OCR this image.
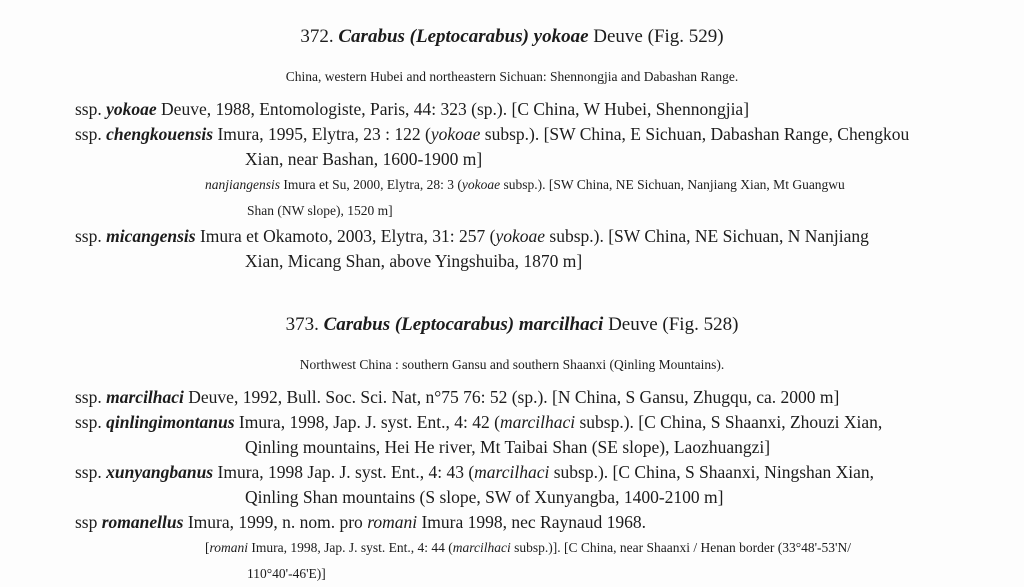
372. Carabus (Leptocarabus) yokoae Deuve (Fig. 529)

China, western Hubei and northeastern Sichuan: Shennongjia and Dabashan Range.

ssp. yokoae Deuve, 1988, Entomologiste, Paris, 44: 323 (sp.). [C China, W Hubei, Shennongjia]
ssp. chengkouensis Imura, 1995, Elytra, 23 : 122 (yokoae subsp.). [SW China, E Sichuan, Dabashan Range, Chengkou
Xian, near Bashan, 1600-1900 m]
nanjiangensis Imura et Su, 2000, Elytra, 28: 3 (yokoae subsp.). [SW China, NE Sichuan, Nanjiang Xian, Mt Guangwu
Shan (NW slope), 1520 m]
ssp. micangensis Imura et Okamoto, 2003, Elytra, 31: 257 (yokoae subsp.). [SW China, NE Sichuan, N Nanjiang
Xian, Micang Shan, above Yingshuiba, 1870 m]
373. Carabus (Leptocarabus) marcilhaci Deuve (Fig. 528)

Northwest China : southern Gansu and southern Shaanxi (Qinling Mountains).

ssp. marcilhaci Deuve, 1992, Bull. Soc. Sci. Nat, n°75 76: 52 (sp.). [N China, S Gansu, Zhugqu, ca. 2000 m]
ssp. qinlingimontanus Imura, 1998, Jap. J. syst. Ent., 4: 42 (marcilhaci subsp.). [C China, S Shaanxi, Zhouzi Xian,
Qinling mountains, Hei He river, Mt Taibai Shan (SE slope), Laozhuangzi]
ssp. xunyangbanus Imura, 1998 Jap. J. syst. Ent., 4: 43 (marcilhaci subsp.). [C China, S Shaanxi, Ningshan Xian,
Qinling Shan mountains (S slope, SW of Xunyangba, 1400-2100 m]
ssp romanellus Imura, 1999, n. nom. pro romani Imura 1998, nec Raynaud 1968.
[romani Imura, 1998, Jap. J. syst. Ent., 4: 44 (marcilhaci subsp.)]. [C China, near Shaanxi / Henan border (33°48'-53'N/
110°40'-46'E)]
